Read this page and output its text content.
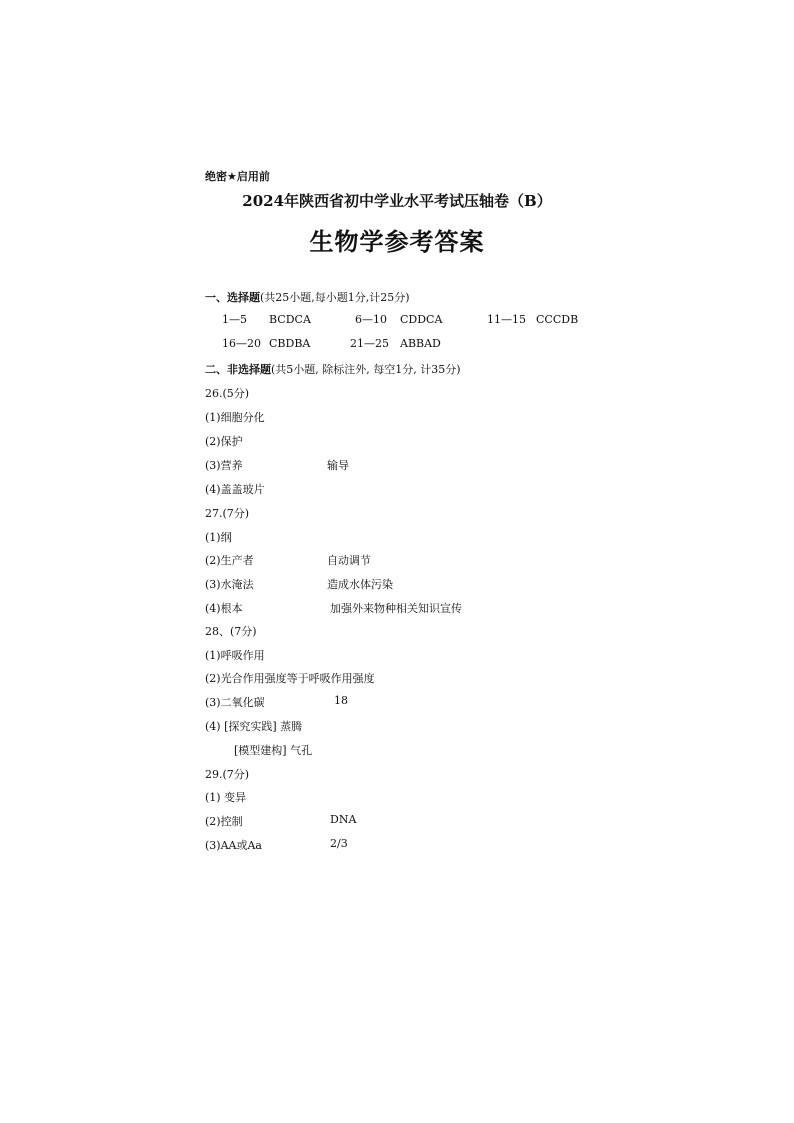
绝密★启用前
2024年陕西省初中学业水平考试压轴卷（B）
生物学参考答案
一、选择题(共25小题,每小题1分,计25分)
1—5 BCDCA	6—10 CDDCA	11—15 CCCDB
16—20 CBDBA	21—25 ABBAD
二、非选择题(共5小题, 除标注外, 每空1分, 计35分)
26.(5分)
(1)细胞分化
(2)保护
(3)营养	输导
(4)盖盖玻片
27.(7分)
(1)纲
(2)生产者	自动调节
(3)水淹法	造成水体污染
(4)根本	加强外来物种相关知识宣传
28、(7分)
(1)呼吸作用
(2)光合作用强度等于呼吸作用强度
(3)二氧化碳	18
(4) [探究实践] 蒸腾
[模型建构] 气孔
29.(7分)
(1) 变异
(2)控制	DNA
(3)AA或Aa	2/3
